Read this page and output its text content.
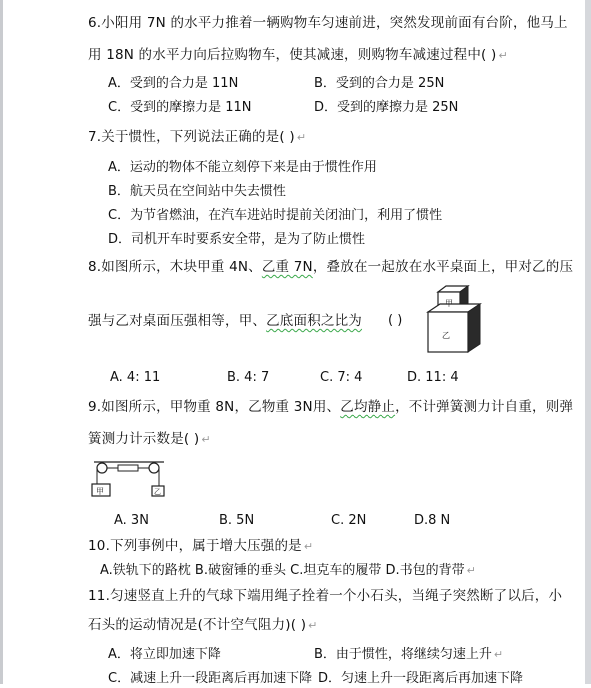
6.小阳用 7N 的水平力推着一辆购物车匀速前进，突然发现前面有台阶，他马上
用 18N 的水平力向后拉购物车，使其减速，则购物车减速过程中( ) ↵
A．受到的合力是 11N	B．受到的合力是 25N
C．受到的摩擦力是 11N	D．受到的摩擦力是 25N
7.关于惯性，下列说法正确的是( ) ↵
A．运动的物体不能立刻停下来是由于惯性作用
B．航天员在空间站中失去惯性
C．为节省燃油，在汽车进站时提前关闭油门，利用了惯性
D．司机开车时要系安全带，是为了防止惯性
8.如图所示，木块甲重 4N、乙重 7N，叠放在一起放在水平桌面上，甲对乙的压
强与乙对桌面压强相等，甲、乙底面积之比为 ( )
甲
乙
A. 4: 11	B. 4: 7	C. 7: 4	D. 11: 4
9.如图所示，甲物重 8N，乙物重 3N用、乙均静止，不计弹簧测力计自重，则弹
簧测力计示数是( ) ↵
甲	乙
A. 3N	B. 5N	C. 2N	D.8 N
10.下列事例中，属于增大压强的是 ↵
A.铁轨下的路枕 B.破窗锤的垂头 C.坦克车的履带 D.书包的背带 ↵
11.匀速竖直上升的气球下端用绳子拴着一个小石头，当绳子突然断了以后，小
石头的运动情况是(不计空气阻力)( ) ↵
A．将立即加速下降	B．由于惯性，将继续匀速上升 ↵
C．减速上升一段距离后再加速下降 D．匀速上升一段距离后再加速下降
